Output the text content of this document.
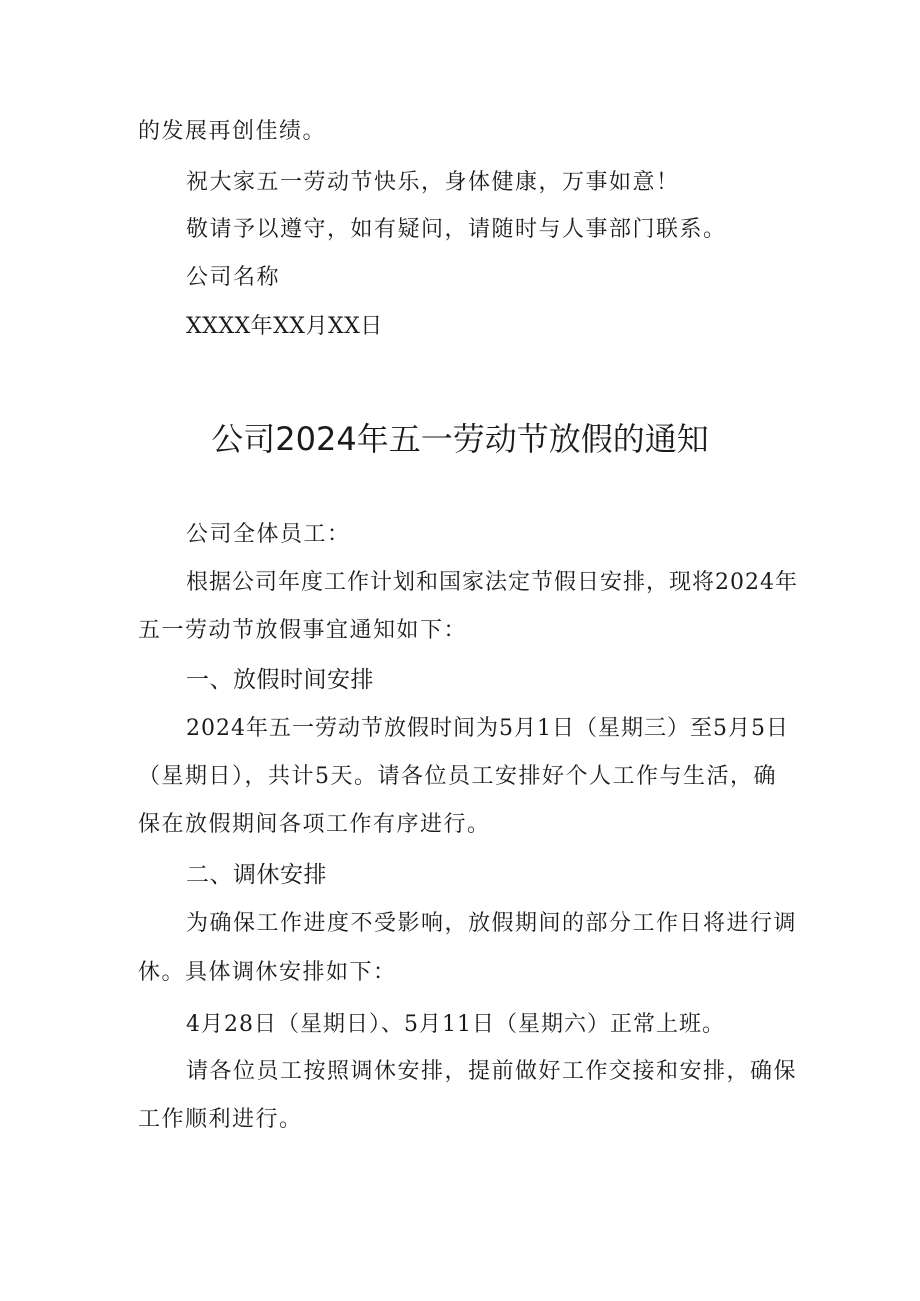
的发展再创佳绩。
祝大家五一劳动节快乐，身体健康，万事如意！
敬请予以遵守，如有疑问，请随时与人事部门联系。
公司名称
XXXX年XX月XX日
公司2024年五一劳动节放假的通知
公司全体员工：
根据公司年度工作计划和国家法定节假日安排，现将2024年
五一劳动节放假事宜通知如下：
一、放假时间安排
2024年五一劳动节放假时间为5月1日（星期三）至5月5日
（星期日），共计5天。请各位员工安排好个人工作与生活，确
保在放假期间各项工作有序进行。
二、调休安排
为确保工作进度不受影响，放假期间的部分工作日将进行调
休。具体调休安排如下：
4月28日（星期日）、5月11日（星期六）正常上班。
请各位员工按照调休安排，提前做好工作交接和安排，确保
工作顺利进行。
